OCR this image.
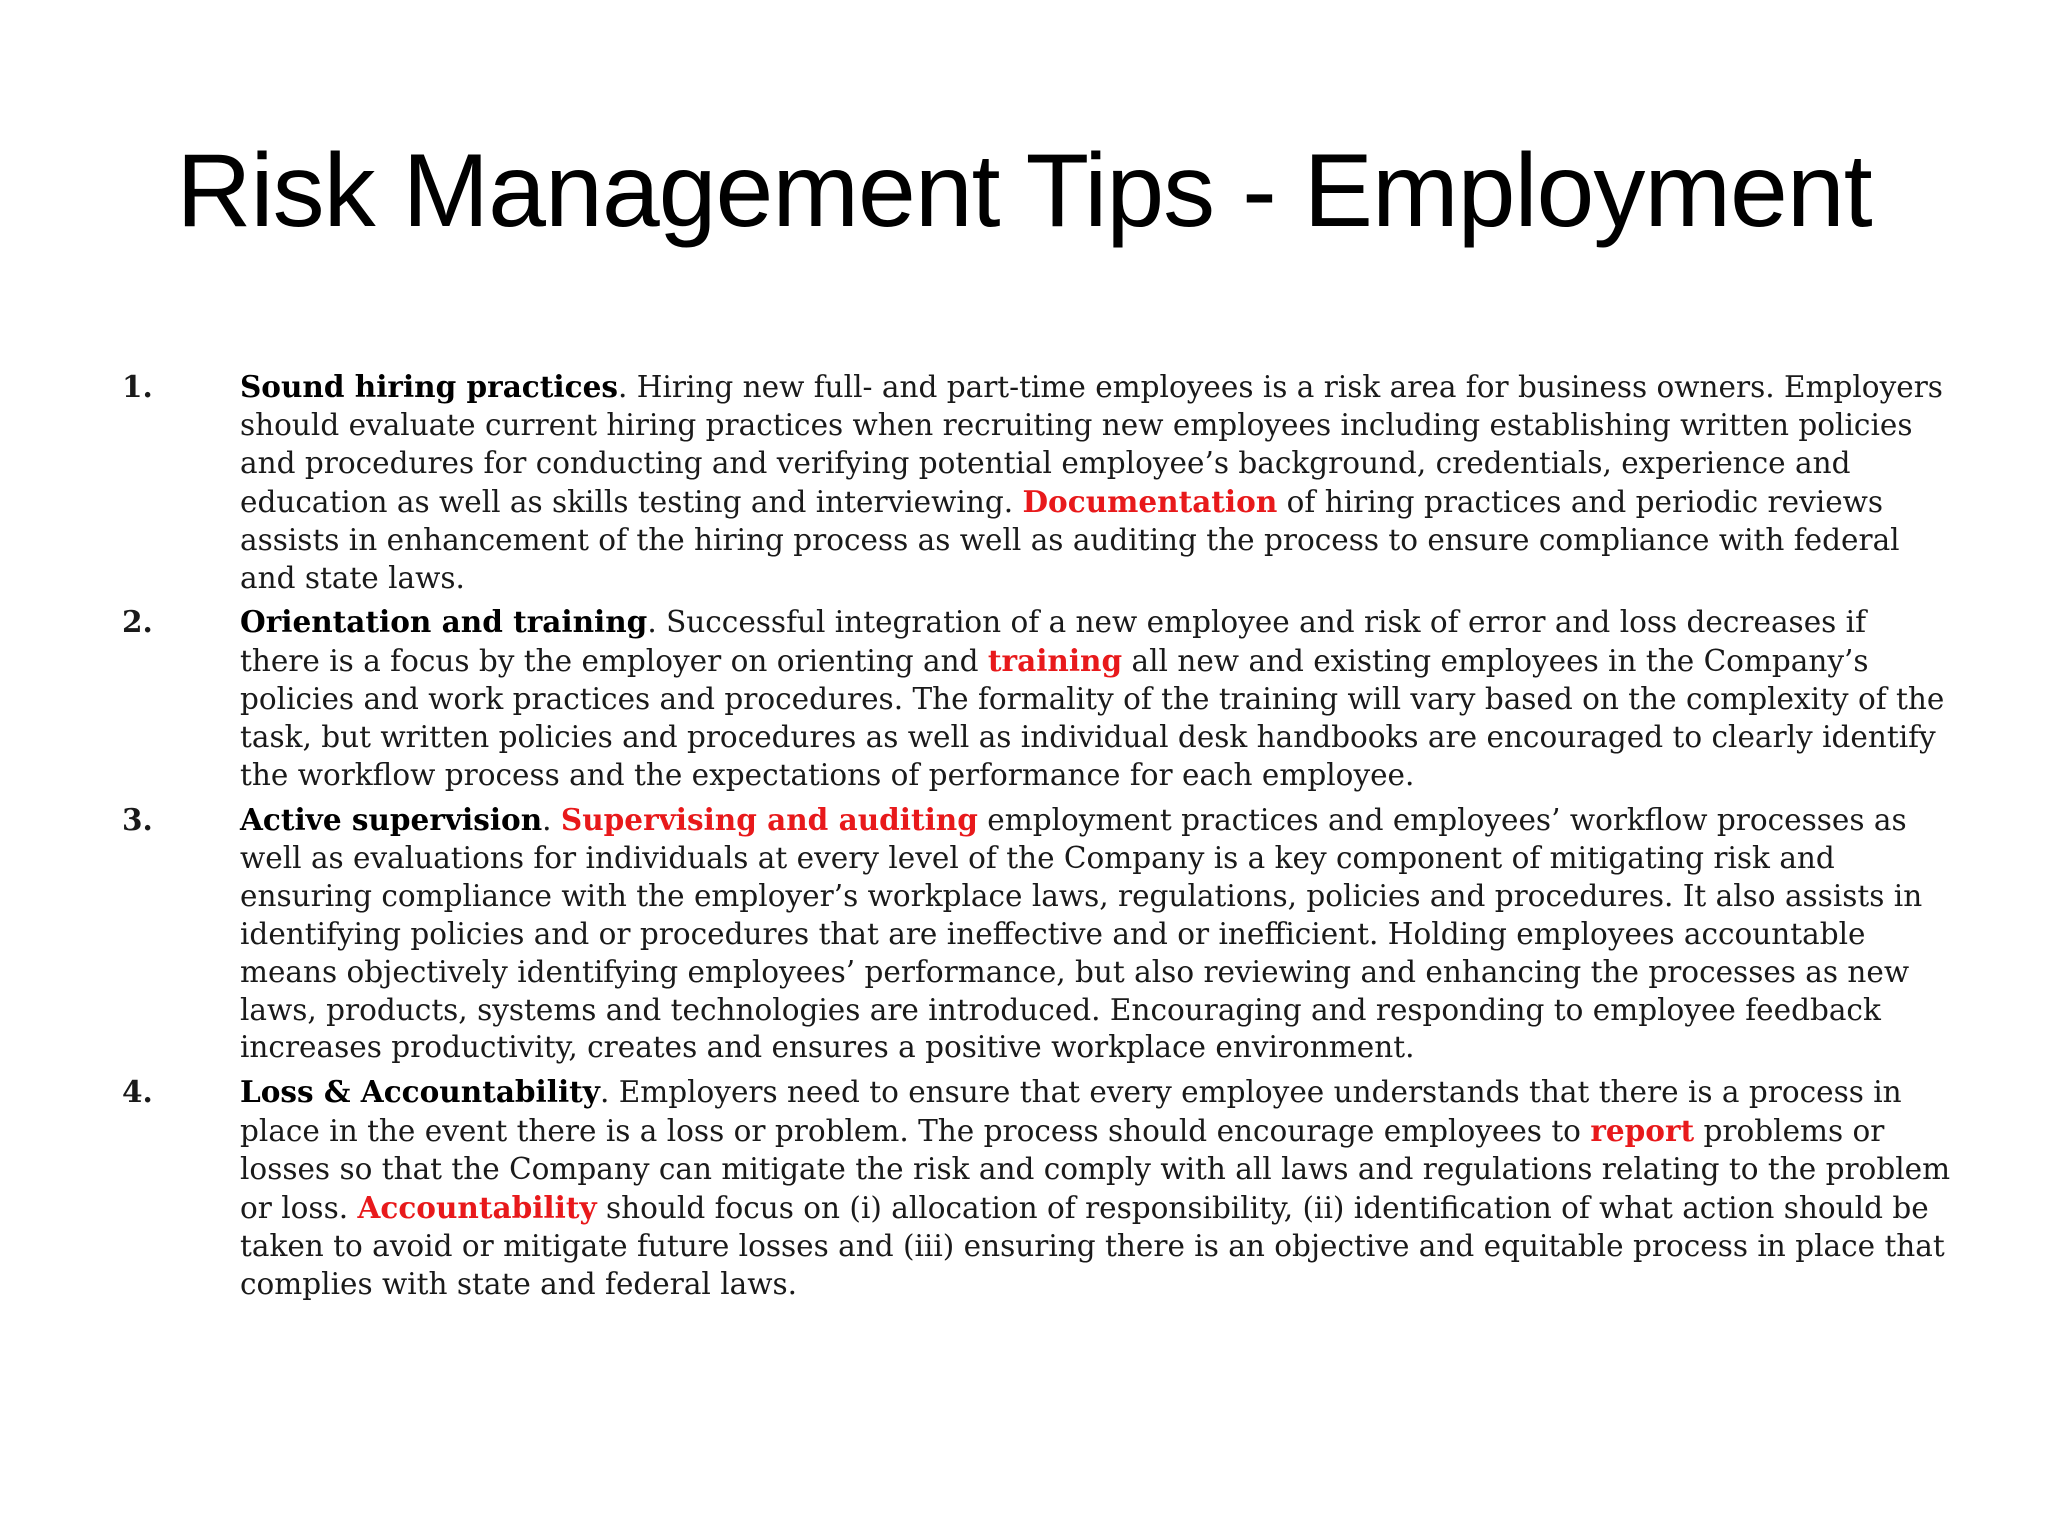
Risk Management Tips - Employment
1.	Sound hiring practices. Hiring new full- and part-time employees is a risk area for business owners. Employers should evaluate current hiring practices when recruiting new employees including establishing written policies and procedures for conducting and verifying potential employee’s background, credentials, experience and education as well as skills testing and interviewing. Documentation of hiring practices and periodic reviews assists in enhancement of the hiring process as well as auditing the process to ensure compliance with federal and state laws.
2.	Orientation and training. Successful integration of a new employee and risk of error and loss decreases if there is a focus by the employer on orienting and training all new and existing employees in the Company’s policies and work practices and procedures. The formality of the training will vary based on the complexity of the task, but written policies and procedures as well as individual desk handbooks are encouraged to clearly identify the workflow process and the expectations of performance for each employee.
3.	Active supervision. Supervising and auditing employment practices and employees’ workflow processes as well as evaluations for individuals at every level of the Company is a key component of mitigating risk and ensuring compliance with the employer’s workplace laws, regulations, policies and procedures. It also assists in identifying policies and or procedures that are ineffective and or inefficient. Holding employees accountable means objectively identifying employees’ performance, but also reviewing and enhancing the processes as new laws, products, systems and technologies are introduced. Encouraging and responding to employee feedback increases productivity, creates and ensures a positive workplace environment.
4.	Loss & Accountability. Employers need to ensure that every employee understands that there is a process in place in the event there is a loss or problem. The process should encourage employees to report problems or losses so that the Company can mitigate the risk and comply with all laws and regulations relating to the problem or loss. Accountability should focus on (i) allocation of responsibility, (ii) identification of what action should be taken to avoid or mitigate future losses and (iii) ensuring there is an objective and equitable process in place that complies with state and federal laws.
